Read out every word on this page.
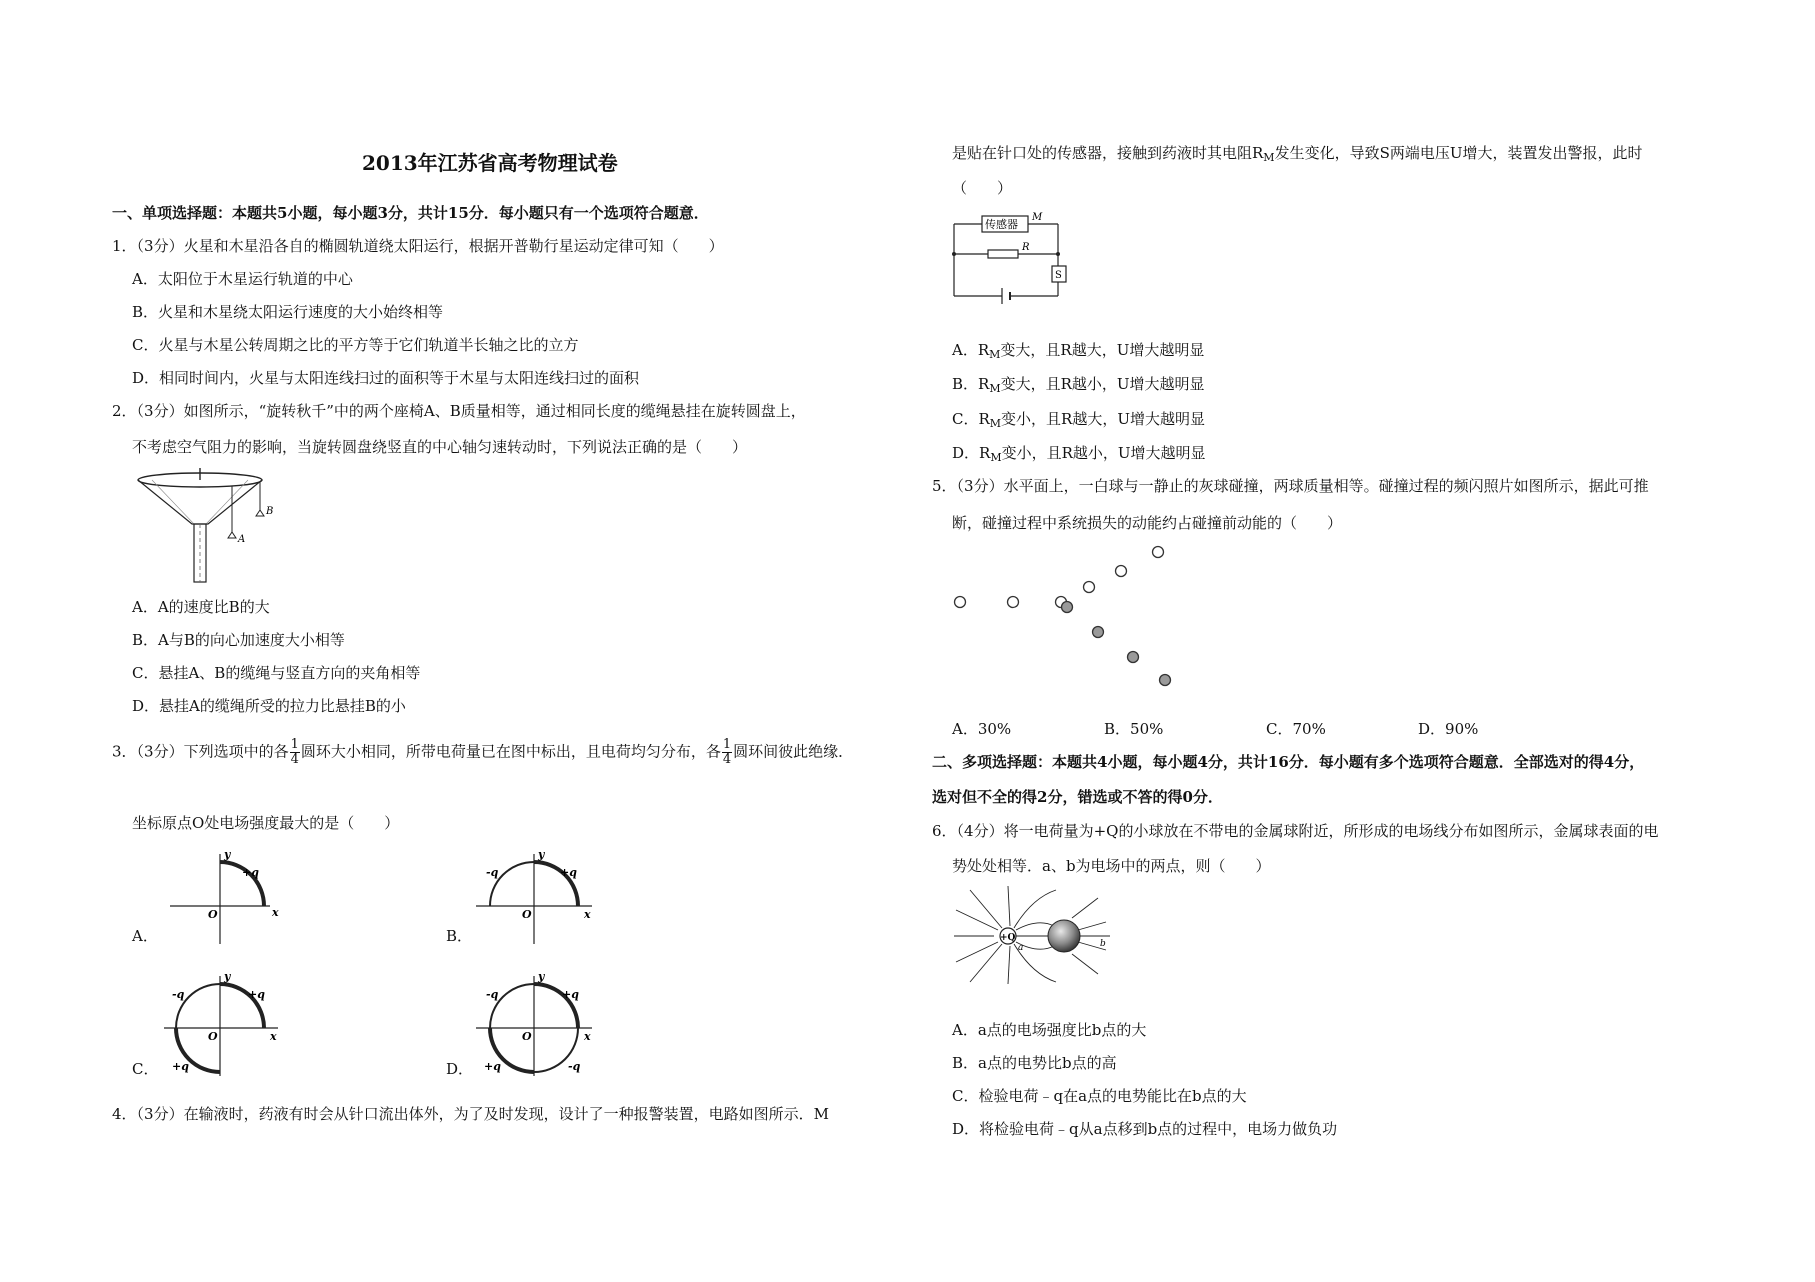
2013年江苏省高考物理试卷
一、单项选择题：本题共5小题，每小题3分，共计15分．每小题只有一个选项符合题意．
1．（3分）火星和木星沿各自的椭圆轨道绕太阳运行，根据开普勒行星运动定律可知（　　）
A．太阳位于木星运行轨道的中心
B．火星和木星绕太阳运行速度的大小始终相等
C．火星与木星公转周期之比的平方等于它们轨道半长轴之比的立方
D．相同时间内，火星与太阳连线扫过的面积等于木星与太阳连线扫过的面积
2．（3分）如图所示，“旋转秋千”中的两个座椅A、B质量相等，通过相同长度的缆绳悬挂在旋转圆盘上，
不考虑空气阻力的影响，当旋转圆盘绕竖直的中心轴匀速转动时，下列说法正确的是（　　）
A
B
A．A的速度比B的大
B．A与B的向心加速度大小相等
C．悬挂A、B的缆绳与竖直方向的夹角相等
D．悬挂A的缆绳所受的拉力比悬挂B的小
3．（3分）下列选项中的各 $\frac{1}{4}$ 圆环大小相同，所带电荷量已在图中标出，且电荷均匀分布，各 $\frac{1}{4}$ 圆环间彼此绝缘．
坐标原点O处电场强度最大的是（　　）
A．
y
x
O
+q
B．
y
x
O
-q	+q
C．
y
x
O
-q	+q
+q	D．
y
x
O
-q	+q
+q	-q
4．（3分）在输液时，药液有时会从针口流出体外，为了及时发现，设计了一种报警装置，电路如图所示．M
是贴在针口处的传感器，接触到药液时其电阻$R_M$发生变化，导致S两端电压U增大，装置发出警报，此时
（　　）
传感器
M
R
S
A．$R_M$变大，且R越大，U增大越明显
B．$R_M$变大，且R越小，U增大越明显
C．$R_M$变小，且R越大，U增大越明显
D．$R_M$变小，且R越小，U增大越明显
5．（3分）水平面上，一白球与一静止的灰球碰撞，两球质量相等。碰撞过程的频闪照片如图所示，据此可推
断，碰撞过程中系统损失的动能约占碰撞前动能的（　　）
A．30%	B．50%	C．70%	D．90%
二、多项选择题：本题共4小题，每小题4分，共计16分．每小题有多个选项符合题意．全部选对的得4分，
选对但不全的得2分，错选或不答的得0分．
6．（4分）将一电荷量为+Q的小球放在不带电的金属球附近，所形成的电场线分布如图所示，金属球表面的电
势处处相等．a、b为电场中的两点，则（　　）
+Q
a	b
A．a点的电场强度比b点的大
B．a点的电势比b点的高
C．检验电荷﹣q在a点的电势能比在b点的大
D．将检验电荷﹣q从a点移到b点的过程中，电场力做负功
